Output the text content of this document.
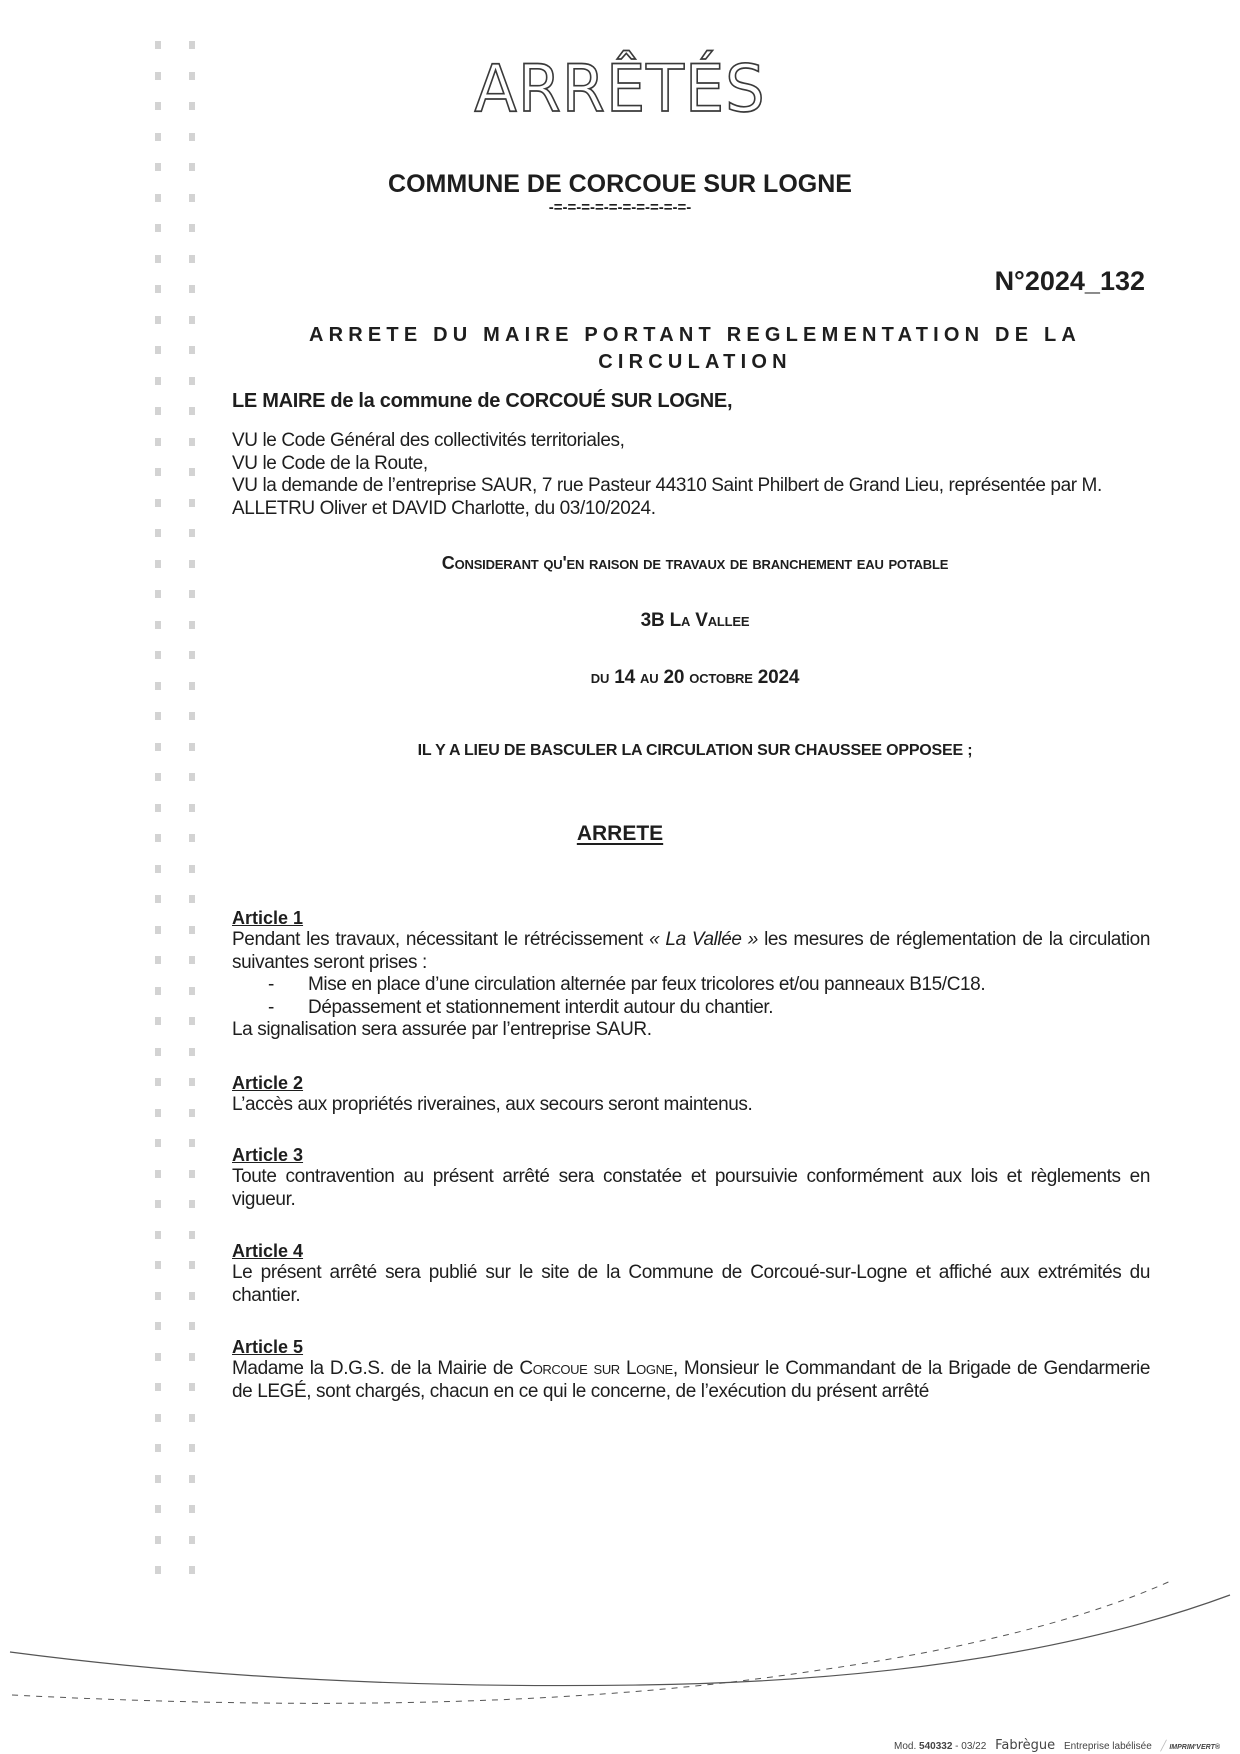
ARRÊTÉS
COMMUNE DE CORCOUE SUR LOGNE
-=-=-=-=-=-=-=-=-=-=-
N°2024_132
ARRETE DU MAIRE PORTANT REGLEMENTATION DE LA CIRCULATION
LE MAIRE de la commune de CORCOUÉ SUR LOGNE,
VU le Code Général des collectivités territoriales,
VU le Code de la Route,
VU la demande de l’entreprise SAUR, 7 rue Pasteur 44310 Saint Philbert de Grand Lieu, représentée par M. ALLETRU Oliver et DAVID Charlotte, du 03/10/2024.
Considerant qu'en raison de travaux de branchement eau potable
3B La Vallee
du 14 au 20 octobre 2024
IL Y A LIEU DE BASCULER LA CIRCULATION SUR CHAUSSEE OPPOSEE ;
ARRETE
Article 1

Pendant les travaux, nécessitant le rétrécissement « La Vallée » les mesures de réglementation de la circulation suivantes seront prises :

-	Mise en place d’une circulation alternée par feux tricolores et/ou panneaux B15/C18.
-	Dépassement et stationnement interdit autour du chantier.

La signalisation sera assurée par l’entreprise SAUR.

Article 2

L’accès aux propriétés riveraines, aux secours seront maintenus.

Article 3

Toute contravention au présent arrêté sera constatée et poursuivie conformément aux lois et règlements en vigueur.

Article 4

Le présent arrêté sera publié sur le site de la Commune de Corcoué-sur-Logne et affiché aux extrémités du chantier.

Article 5

Madame la D.G.S. de la Mairie de Corcoue sur Logne, Monsieur le Commandant de la Brigade de Gendarmerie de LEGÉ, sont chargés, chacun en ce qui le concerne, de l’exécution du présent arrêté

Mod. 540332 - 03/22 Fabrègue Entreprise labélisée ╱ IMPRIM'VERT®
